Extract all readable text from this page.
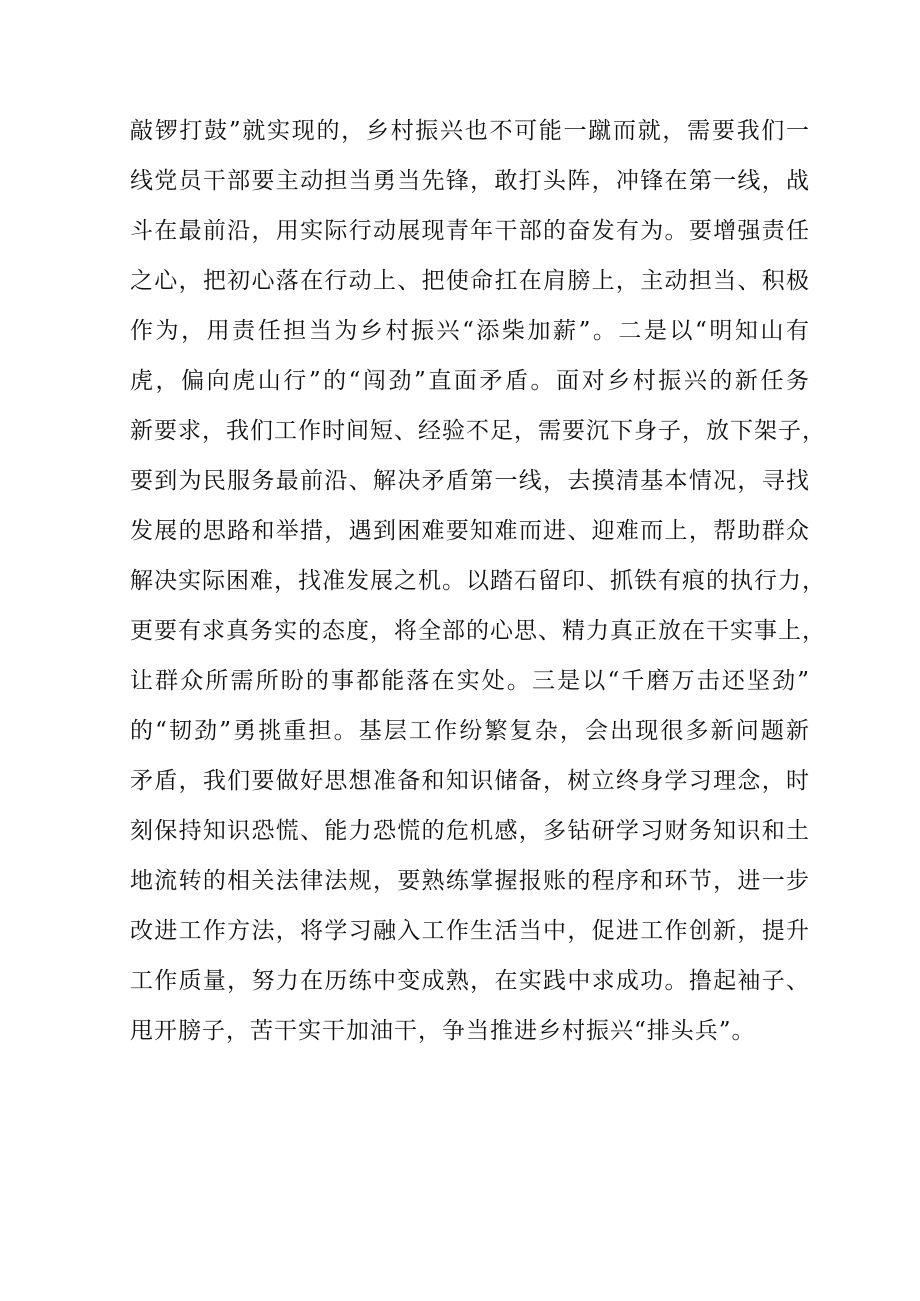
敲锣打鼓”就实现的，乡村振兴也不可能一蹴而就，需要我们一
线党员干部要主动担当勇当先锋，敢打头阵，冲锋在第一线，战
斗在最前沿，用实际行动展现青年干部的奋发有为。要增强责任
之心，把初心落在行动上、把使命扛在肩膀上，主动担当、积极
作为，用责任担当为乡村振兴“添柴加薪”。二是以“明知山有
虎，偏向虎山行”的“闯劲”直面矛盾。面对乡村振兴的新任务
新要求，我们工作时间短、经验不足，需要沉下身子，放下架子，
要到为民服务最前沿、解决矛盾第一线，去摸清基本情况，寻找
发展的思路和举措，遇到困难要知难而进、迎难而上，帮助群众
解决实际困难，找准发展之机。以踏石留印、抓铁有痕的执行力，
更要有求真务实的态度，将全部的心思、精力真正放在干实事上，
让群众所需所盼的事都能落在实处。三是以“千磨万击还坚劲”
的“韧劲”勇挑重担。基层工作纷繁复杂，会出现很多新问题新
矛盾，我们要做好思想准备和知识储备，树立终身学习理念，时
刻保持知识恐慌、能力恐慌的危机感，多钻研学习财务知识和土
地流转的相关法律法规，要熟练掌握报账的程序和环节，进一步
改进工作方法，将学习融入工作生活当中，促进工作创新，提升
工作质量，努力在历练中变成熟，在实践中求成功。撸起袖子、
甩开膀子，苦干实干加油干，争当推进乡村振兴“排头兵”。
